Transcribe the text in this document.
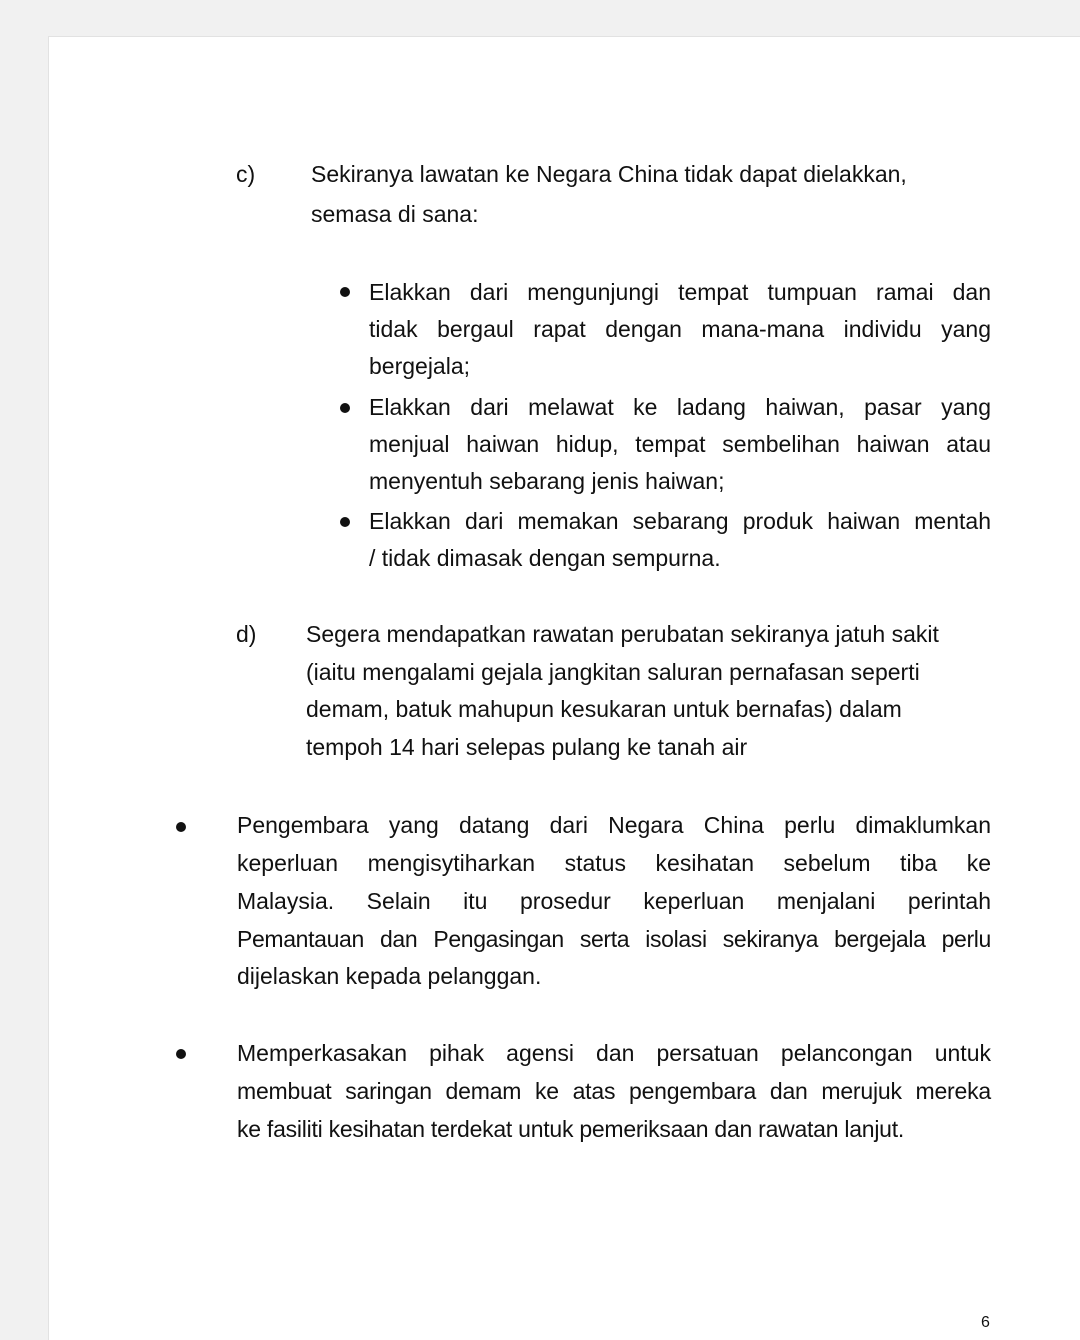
c) Sekiranya lawatan ke Negara China tidak dapat dielakkan,
semasa di sana:
Elakkan dari mengunjungi tempat tumpuan ramai dan
tidak bergaul rapat dengan mana-mana individu yang
bergejala;
Elakkan dari melawat ke ladang haiwan, pasar yang
menjual haiwan hidup, tempat sembelihan haiwan atau
menyentuh sebarang jenis haiwan;
Elakkan dari memakan sebarang produk haiwan mentah
/ tidak dimasak dengan sempurna.
d) Segera mendapatkan rawatan perubatan sekiranya jatuh sakit
(iaitu mengalami gejala jangkitan saluran pernafasan seperti
demam, batuk mahupun kesukaran untuk bernafas) dalam
tempoh 14 hari selepas pulang ke tanah air
Pengembara yang datang dari Negara China perlu dimaklumkan
keperluan mengisytiharkan status kesihatan sebelum tiba ke
Malaysia. Selain itu prosedur keperluan menjalani perintah
Pemantauan dan Pengasingan serta isolasi sekiranya bergejala perlu
dijelaskan kepada pelanggan.
Memperkasakan pihak agensi dan persatuan pelancongan untuk
membuat saringan demam ke atas pengembara dan merujuk mereka
ke fasiliti kesihatan terdekat untuk pemeriksaan dan rawatan lanjut.
6
